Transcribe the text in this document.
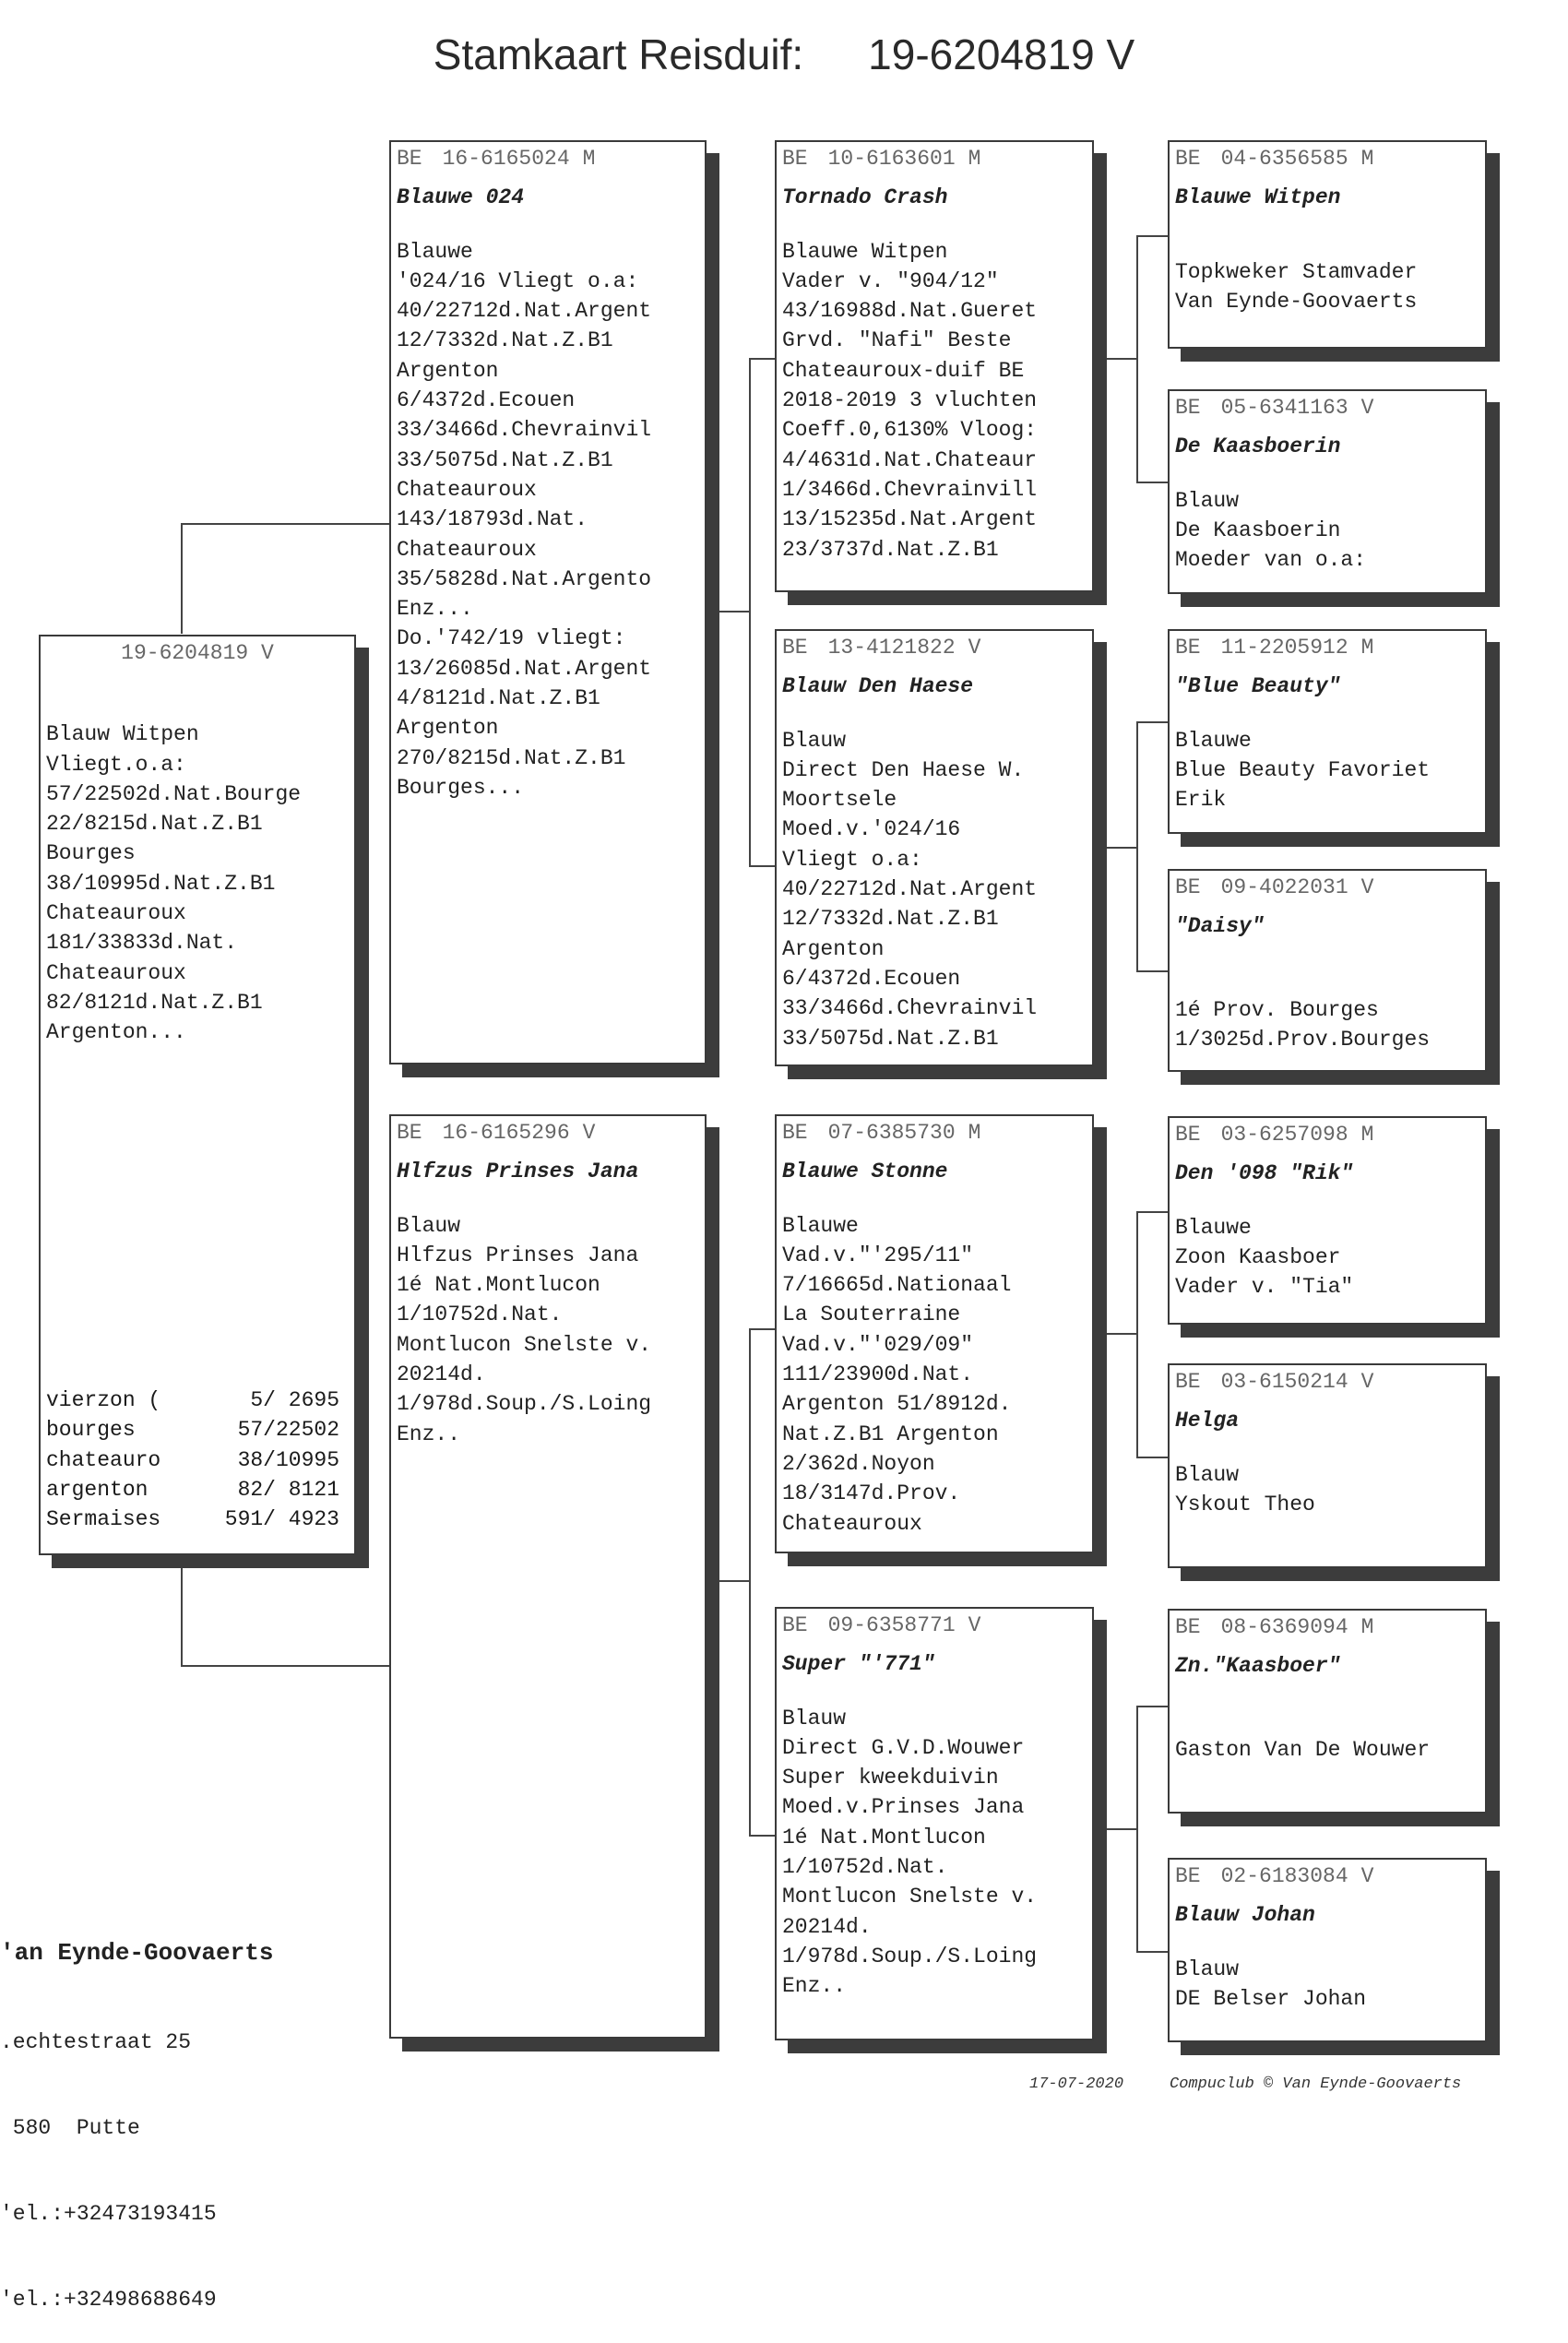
Stamkaart Reisduif: 19-6204819 V
19-6204819 V
Blauw Witpen
Vliegt.o.a:
57/22502d.Nat.Bourge
22/8215d.Nat.Z.B1
Bourges
38/10995d.Nat.Z.B1
Chateauroux
181/33833d.Nat.
Chateauroux
82/8121d.Nat.Z.B1
Argenton...
vierzon (	5/ 2695
bourges	57/22502
chateauro	38/10995
argenton	82/ 8121
Sermaises	591/ 4923
BE 16-6165024 M
Blauwe 024
Blauwe
'024/16 Vliegt o.a:
40/22712d.Nat.Argent
12/7332d.Nat.Z.B1
Argenton
6/4372d.Ecouen
33/3466d.Chevrainvil
33/5075d.Nat.Z.B1
Chateauroux
143/18793d.Nat.
Chateauroux
35/5828d.Nat.Argento
Enz...
Do.'742/19 vliegt:
13/26085d.Nat.Argent
4/8121d.Nat.Z.B1
Argenton
270/8215d.Nat.Z.B1
Bourges...
BE 16-6165296 V
Hlfzus Prinses Jana
Blauw
Hlfzus Prinses Jana
1é Nat.Montlucon
1/10752d.Nat.
Montlucon Snelste v.
20214d.
1/978d.Soup./S.Loing
Enz..
BE 10-6163601 M
Tornado Crash
Blauwe Witpen
Vader v. "904/12"
43/16988d.Nat.Gueret
Grvd. "Nafi" Beste
Chateauroux-duif BE
2018-2019 3 vluchten
Coeff.0,6130% Vloog:
4/4631d.Nat.Chateaur
1/3466d.Chevrainvill
13/15235d.Nat.Argent
23/3737d.Nat.Z.B1
BE 13-4121822 V
Blauw Den Haese
Blauw
Direct Den Haese W.
Moortsele
Moed.v.'024/16
Vliegt o.a:
40/22712d.Nat.Argent
12/7332d.Nat.Z.B1
Argenton
6/4372d.Ecouen
33/3466d.Chevrainvil
33/5075d.Nat.Z.B1
BE 07-6385730 M
Blauwe Stonne
Blauwe
Vad.v."'295/11"
7/16665d.Nationaal
La Souterraine
Vad.v."'029/09"
111/23900d.Nat.
Argenton 51/8912d.
Nat.Z.B1 Argenton
2/362d.Noyon
18/3147d.Prov.
Chateauroux
BE 09-6358771 V
Super "'771"
Blauw
Direct G.V.D.Wouwer
Super kweekduivin
Moed.v.Prinses Jana
1é Nat.Montlucon
1/10752d.Nat.
Montlucon Snelste v.
20214d.
1/978d.Soup./S.Loing
Enz..
BE 04-6356585 M
Blauwe Witpen
Topkweker Stamvader
Van Eynde-Goovaerts
BE 05-6341163 V
De Kaasboerin
Blauw
De Kaasboerin
Moeder van o.a:
BE 11-2205912 M
"Blue Beauty"
Blauwe
Blue Beauty Favoriet
Erik
BE 09-4022031 V
"Daisy"
1é Prov. Bourges
1/3025d.Prov.Bourges
BE 03-6257098 M
Den '098 "Rik"
Blauwe
Zoon Kaasboer
Vader v. "Tia"
BE 03-6150214 V
Helga
Blauw
Yskout Theo
BE 08-6369094 M
Zn."Kaasboer"
Gaston Van De Wouwer
BE 02-6183084 V
Blauw Johan
Blauw
DE Belser Johan

'an Eynde-Goovaerts

.echtestraat 25

580  Putte

'el.:+32473193415

'el.:+32498688649

17-07-2020	Compuclub © Van Eynde-Goovaerts
